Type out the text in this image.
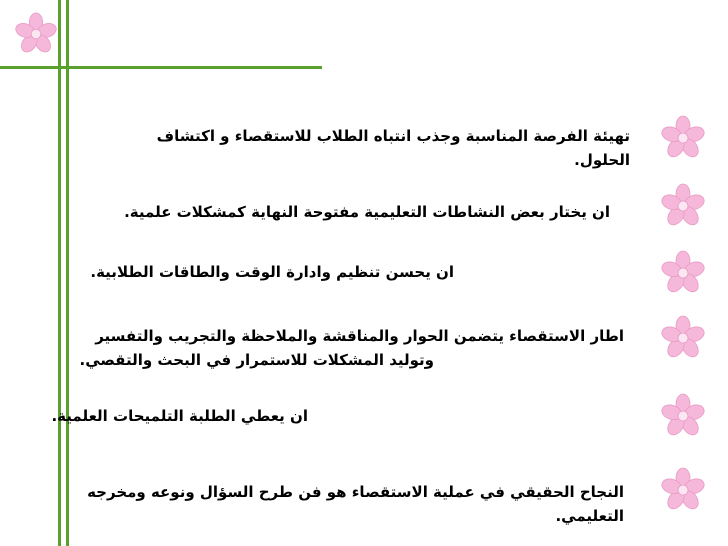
تهيئة الفرصة المناسبة وجذب انتباه الطلاب للاستقصاء و اكتشاف
الحلول.
ان يختار بعض النشاطات التعليمية مفتوحة النهاية كمشكلات علمية.
ان يحسن تنظيم وادارة الوقت والطاقات الطلابية.
اطار الاستقصاء يتضمن الحوار والمناقشة والملاحظة والتجريب والتفسير
وتوليد المشكلات للاستمرار في البحث والتقصي.
ان يعطي الطلبة التلميحات العلمية.
النجاح الحقيقي في عملية الاستقصاء هو فن طرح السؤال ونوعه ومخرجه
التعليمي.
